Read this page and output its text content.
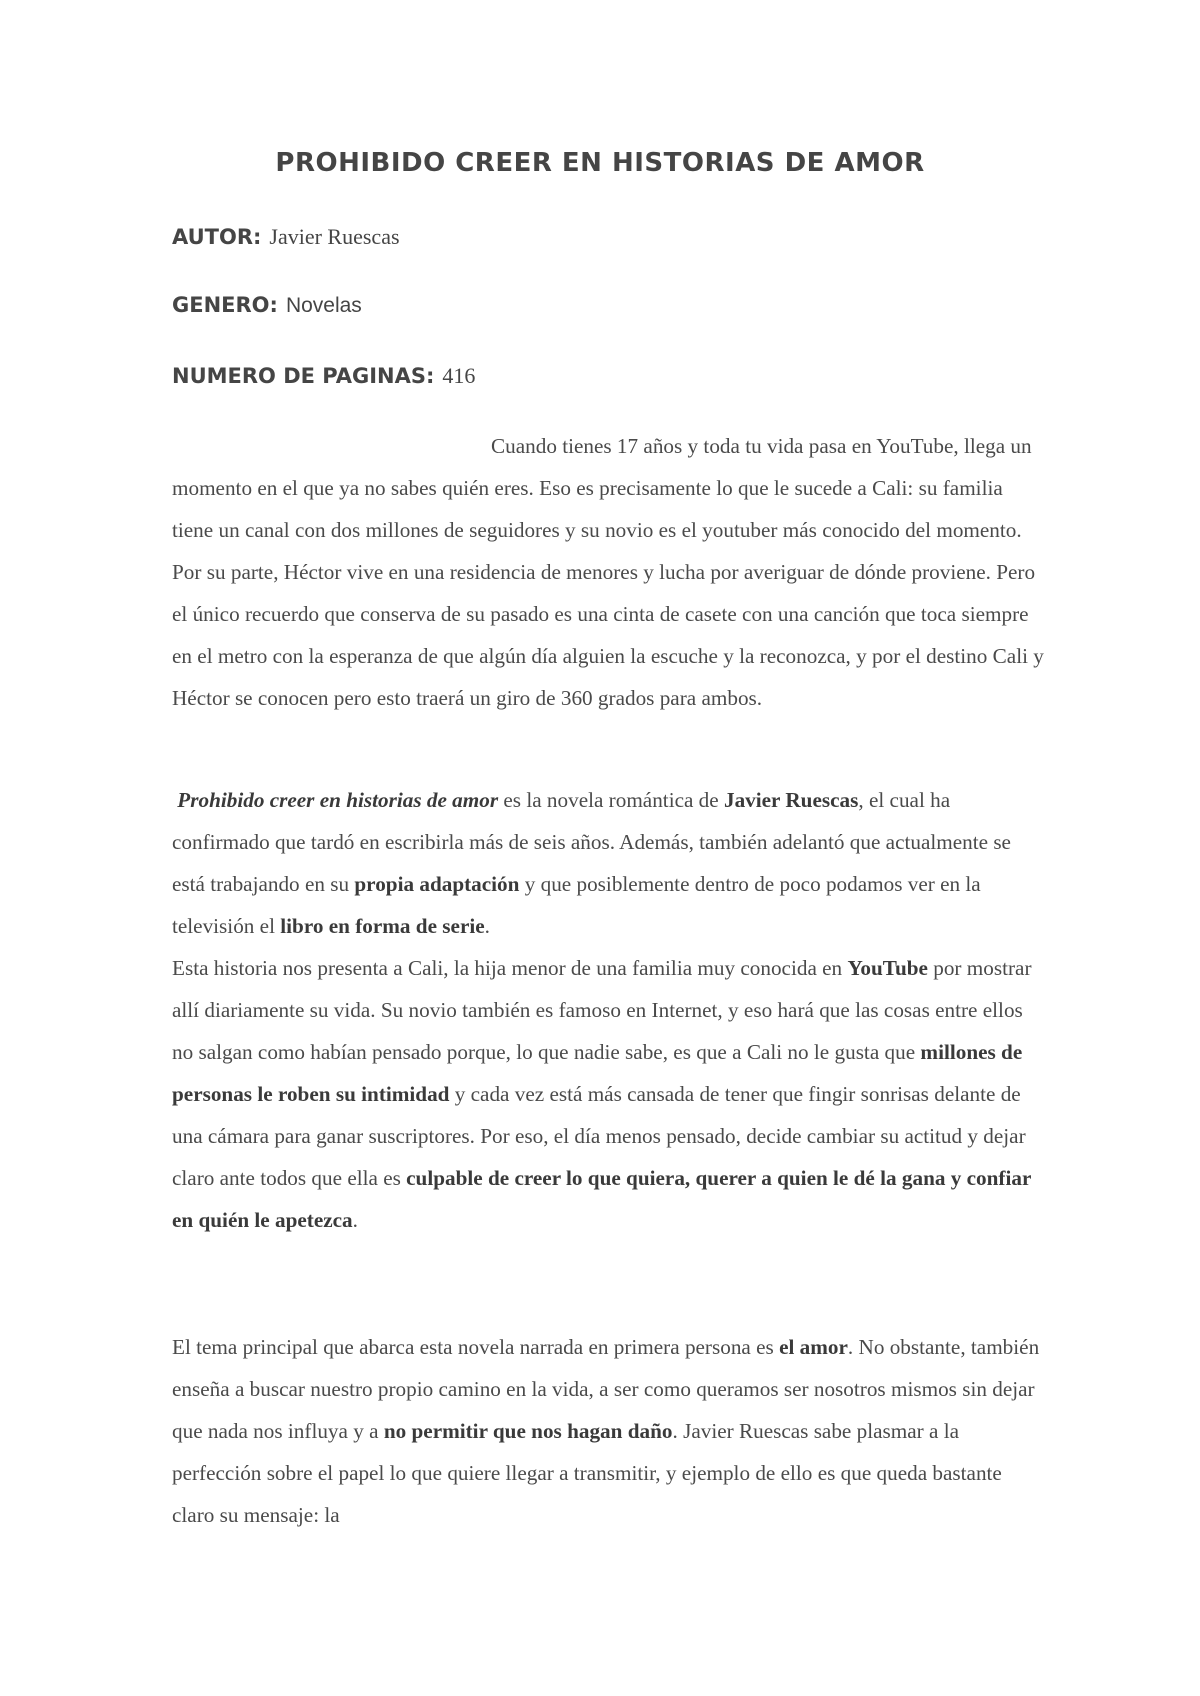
PROHIBIDO CREER EN HISTORIAS DE AMOR
AUTOR: Javier Ruescas
GENERO: Novelas
NUMERO DE PAGINAS: 416

Cuando tienes 17 años y toda tu vida pasa en YouTube, llega un momento en el que ya no sabes quién eres. Eso es precisamente lo que le sucede a Cali: su familia tiene un canal con dos millones de seguidores y su novio es el youtuber más conocido del momento. Por su parte, Héctor vive en una residencia de menores y lucha por averiguar de dónde proviene. Pero el único recuerdo que conserva de su pasado es una cinta de casete con una canción que toca siempre en el metro con la esperanza de que algún día alguien la escuche y la reconozca, y por el destino Cali y Héctor se conocen pero esto traerá un giro de 360 grados para ambos.

Prohibido creer en historias de amor es la novela romántica de Javier Ruescas, el cual ha confirmado que tardó en escribirla más de seis años. Además, también adelantó que actualmente se está trabajando en su propia adaptación y que posiblemente dentro de poco podamos ver en la televisión el libro en forma de serie.

Esta historia nos presenta a Cali, la hija menor de una familia muy conocida en YouTube por mostrar allí diariamente su vida. Su novio también es famoso en Internet, y eso hará que las cosas entre ellos no salgan como habían pensado porque, lo que nadie sabe, es que a Cali no le gusta que millones de personas le roben su intimidad y cada vez está más cansada de tener que fingir sonrisas delante de una cámara para ganar suscriptores. Por eso, el día menos pensado, decide cambiar su actitud y dejar claro ante todos que ella es culpable de creer lo que quiera, querer a quien le dé la gana y confiar en quién le apetezca.

El tema principal que abarca esta novela narrada en primera persona es el amor. No obstante, también enseña a buscar nuestro propio camino en la vida, a ser como queramos ser nosotros mismos sin dejar que nada nos influya y a no permitir que nos hagan daño. Javier Ruescas sabe plasmar a la perfección sobre el papel lo que quiere llegar a transmitir, y ejemplo de ello es que queda bastante claro su mensaje: la
